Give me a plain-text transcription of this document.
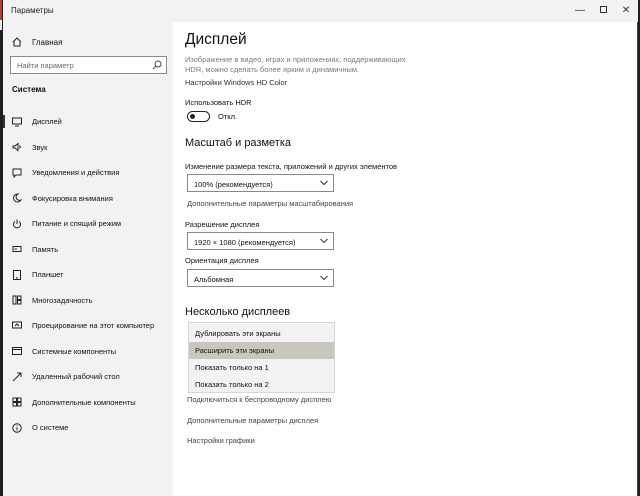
Параметры	—	✕
Главная
Найти параметр
Система
Дисплей
Звук
Уведомления и действия
Фокусировка внимания
Питание и спящий режим
Память
Планшет
Многозадачность
Проецирование на этот компьютер
Системные компоненты
Удаленный рабочий стол
Дополнительные компоненты
О системе
Дисплей
Изображение в видео, играх и приложениях, поддерживающих HDR, можно сделать более ярким и динамичным.
Настройки Windows HD Color
Использовать HDR
Откл.
Масштаб и разметка
Изменение размера текста, приложений и других элементов
100% (рекомендуется)
Дополнительные параметры масштабирования
Разрешение дисплея
1920 × 1080 (рекомендуется)
Ориентация дисплея
Альбомная
Несколько дисплеев
Подключиться к беспроводному дисплею
Дополнительные параметры дисплея
Настройки графики
Дублировать эти экраны
Расширить эти экраны
Показать только на 1
Показать только на 2
